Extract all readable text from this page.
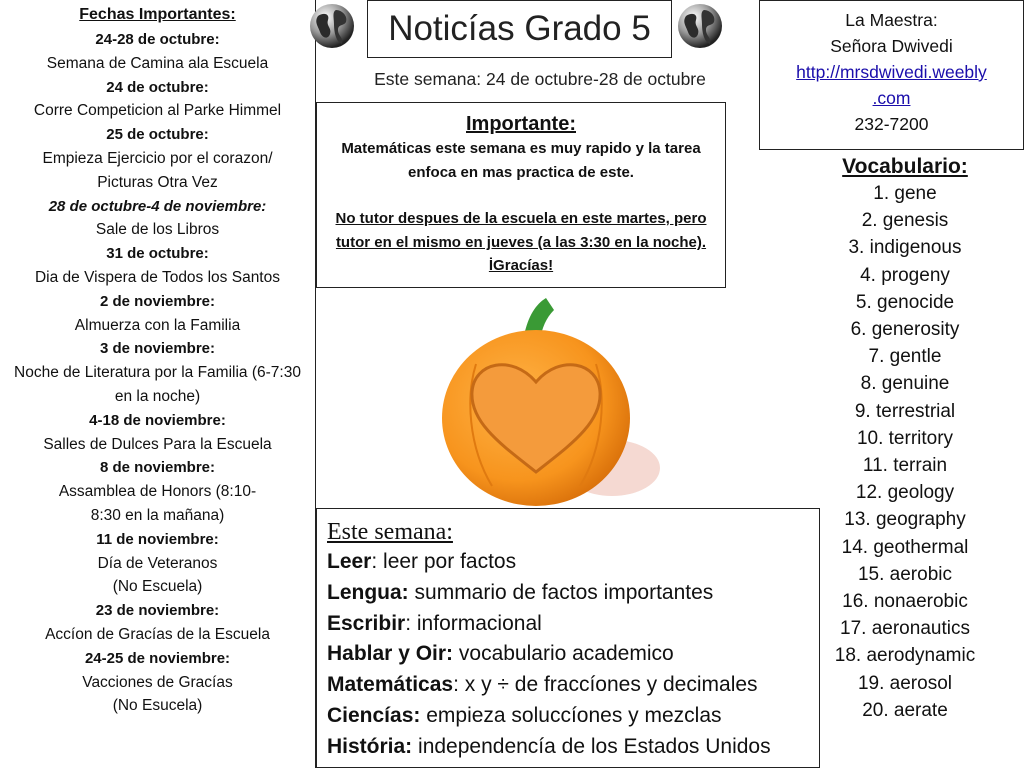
Fechas Importantes:
24-28 de octubre:
Semana de Camina ala Escuela
24 de octubre:
Corre Competicion al Parke Himmel
25 de octubre:
Empieza Ejercicio por el corazon/ Picturas Otra Vez
28 de octubre-4 de noviembre:
Sale de los Libros
31 de octubre:
Dia de Vispera de Todos los Santos
2 de noviembre:
Almuerza con la Familia
3 de noviembre:
Noche de Literatura por la Familia (6-7:30 en la noche)
4-18 de noviembre:
Salles de Dulces Para la Escuela
8 de noviembre:
Assamblea de Honors (8:10-8:30 en la mañana)
11 de noviembre:
Día de Veteranos (No Escuela)
23 de noviembre:
Accíon de Gracías de la Escuela
24-25 de noviembre:
Vacciones de Gracías (No Esucela)
Noticías Grado 5
Este semana: 24 de octubre-28 de octubre
Importante:

Matemáticas este semana es muy rapido y la tarea enfoca en mas practica de este.

No tutor despues de la escuela en este martes, pero tutor en el mismo en jueves (a las 3:30 en la noche). İGracías!

La Maestra:
Señora Dwivedi
http://mrsdwivedi.weebly
.com
232-7200
Vocabulario:
1. gene
2. genesis
3. indigenous
4. progeny
5. genocide
6. generosity
7. gentle
8. genuine
9. terrestrial
10. territory
11. terrain
12. geology
13. geography
14. geothermal
15. aerobic
16. nonaerobic
17. aeronautics
18. aerodynamic
19. aerosol
20. aerate
Este semana:
Leer: leer por factos
Lengua: summario de factos importantes
Escribir: informacional
Hablar y Oir: vocabulario academico
Matemáticas: x y ÷ de fraccíones y decimales
Ciencías: empieza soluccíones y mezclas
História: independencía de los Estados Unidos
